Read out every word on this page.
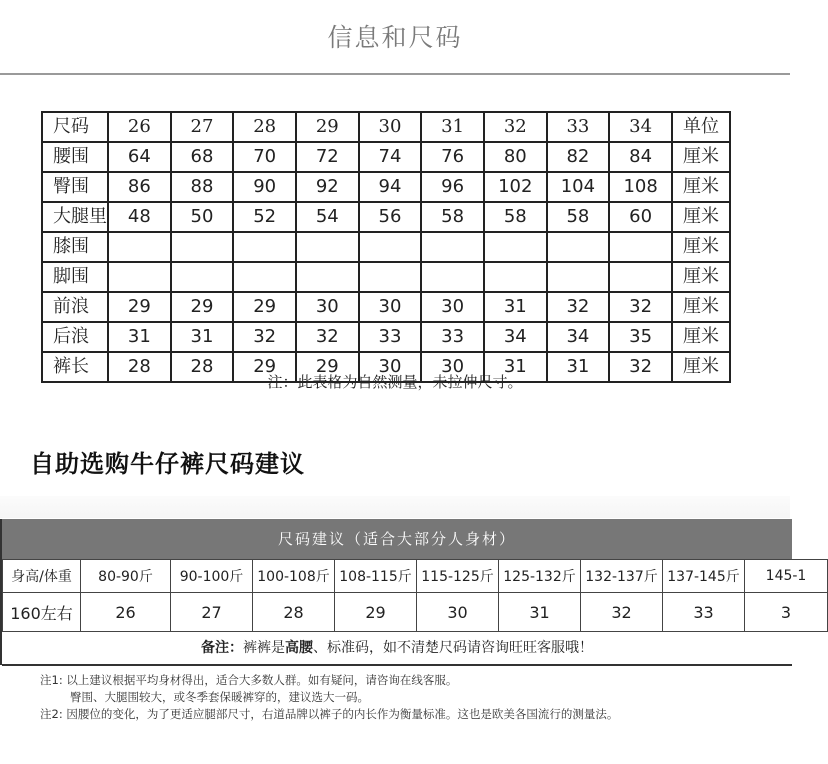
信息和尺码
尺码	26	27	28	29	30	31	32	33	34	单位
腰围	64	68	70	72	74	76	80	82	84	厘米
臀围	86	88	90	92	94	96	102	104	108	厘米
大腿里	48	50	52	54	56	58	58	58	60	厘米
膝围										厘米
脚围										厘米
前浪	29	29	29	30	30	30	31	32	32	厘米
后浪	31	31	32	32	33	33	34	34	35	厘米
裤长	28	28	29	29	30	30	31	31	32	厘米
注：此表格为自然测量，未拉伸尺寸。
自助选购牛仔裤尺码建议
尺码建议（适合大部分人身材）
身高/体重	80-90斤	90-100斤	100-108斤	108-115斤	115-125斤	125-132斤	132-137斤	137-145斤	145-1
160左右	26	27	28	29	30	31	32	33	3
备注：裤裤是高腰、标准码，如不清楚尺码请咨询旺旺客服哦！
注1: 以上建议根据平均身材得出，适合大多数人群。如有疑问，请咨询在线客服。
臀围、大腿围较大，或冬季套保暖裤穿的，建议选大一码。
注2: 因腰位的变化，为了更适应腿部尺寸，右道品牌以裤子的内长作为衡量标准。这也是欧美各国流行的测量法。
